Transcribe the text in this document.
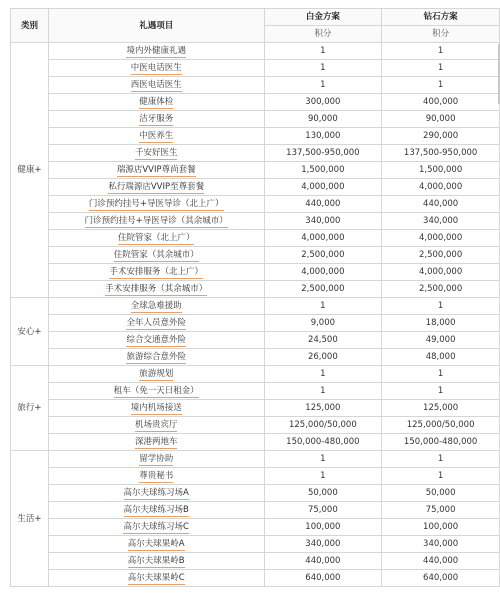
类别	礼遇项目	白金方案	钻石方案
		积分	积分
健康+	境内外健康礼遇	1	1
	中医电话医生	1	1
	西医电话医生	1	1
	健康体检	300,000	400,000
	洁牙服务	90,000	90,000
	中医养生	130,000	290,000
	千安好医生	137,500-950,000	137,500-950,000
	瑞源店VVIP尊尚套餐	1,500,000	1,500,000
	私行瑞源店VVIP至尊套餐	4,000,000	4,000,000
	门诊预约挂号+导医导诊（北上广）	440,000	440,000
	门诊预约挂号+导医导诊（其余城市）	340,000	340,000
	住院管家（北上广）	4,000,000	4,000,000
	住院管家（其余城市）	2,500,000	2,500,000
	手术安排服务（北上广）	4,000,000	4,000,000
	手术安排服务（其余城市）	2,500,000	2,500,000
安心+	全球急难援助	1	1
	全年人员意外险	9,000	18,000
	综合交通意外险	24,500	49,000
	旅游综合意外险	26,000	48,000
旅行+	旅游规划	1	1
	租车（免一天日租金）	1	1
	境内机场接送	125,000	125,000
	机场贵宾厅	125,000/50,000	125,000/50,000
	深港两地车	150,000-480,000	150,000-480,000
生活+	留学协助	1	1
	尊贵秘书	1	1
	高尔夫球练习场A	50,000	50,000
	高尔夫球练习场B	75,000	75,000
	高尔夫球练习场C	100,000	100,000
	高尔夫球果岭A	340,000	340,000
	高尔夫球果岭B	440,000	440,000
	高尔夫球果岭C	640,000	640,000
